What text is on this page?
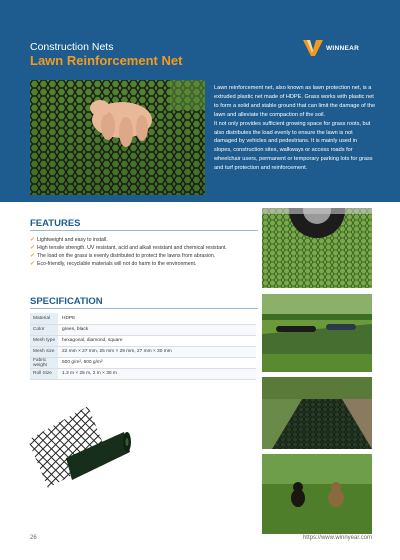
Construction Nets
Lawn Reinforcement Net
WINNEAR

Lawn reinforcement net, also known as lawn protection net, is a extruded plastic net made of HDPE. Grass works with plastic net to form a solid and stable ground that can limit the damage of the lawn and alleviate the compaction of the soil.

It not only provides sufficient growing space for grass roots, but also distributes the load evenly to ensure the lawn is not damaged by vehicles and pedestrians. It is mainly used in slopes, construction sites, walkways or access roads for wheelchair users, permanent or temporary parking lots for grass and turf protection and reinforcement.

FEATURES
✓ Lightweight and easy to install.
✓ High tensile strength. UV resistant, acid and alkali resistant and chemical resistant.
✓ The load on the grass is evenly distributed to protect the lawns from abrasion.
✓ Eco-friendly, recyclable materials will not do harm to the environment.
SPECIFICATION
Material	HDPE
Color	green, black
Mesh type	hexagonal, diamond, square
Mesh size	22 mm × 27 mm, 25 mm × 29 mm, 27 mm × 30 mm
Fabric weight	500 g/m², 600 g/m²
Roll Size	1.3 m × 25 m, 2 m × 30 m
26	https://www.winnyear.com
